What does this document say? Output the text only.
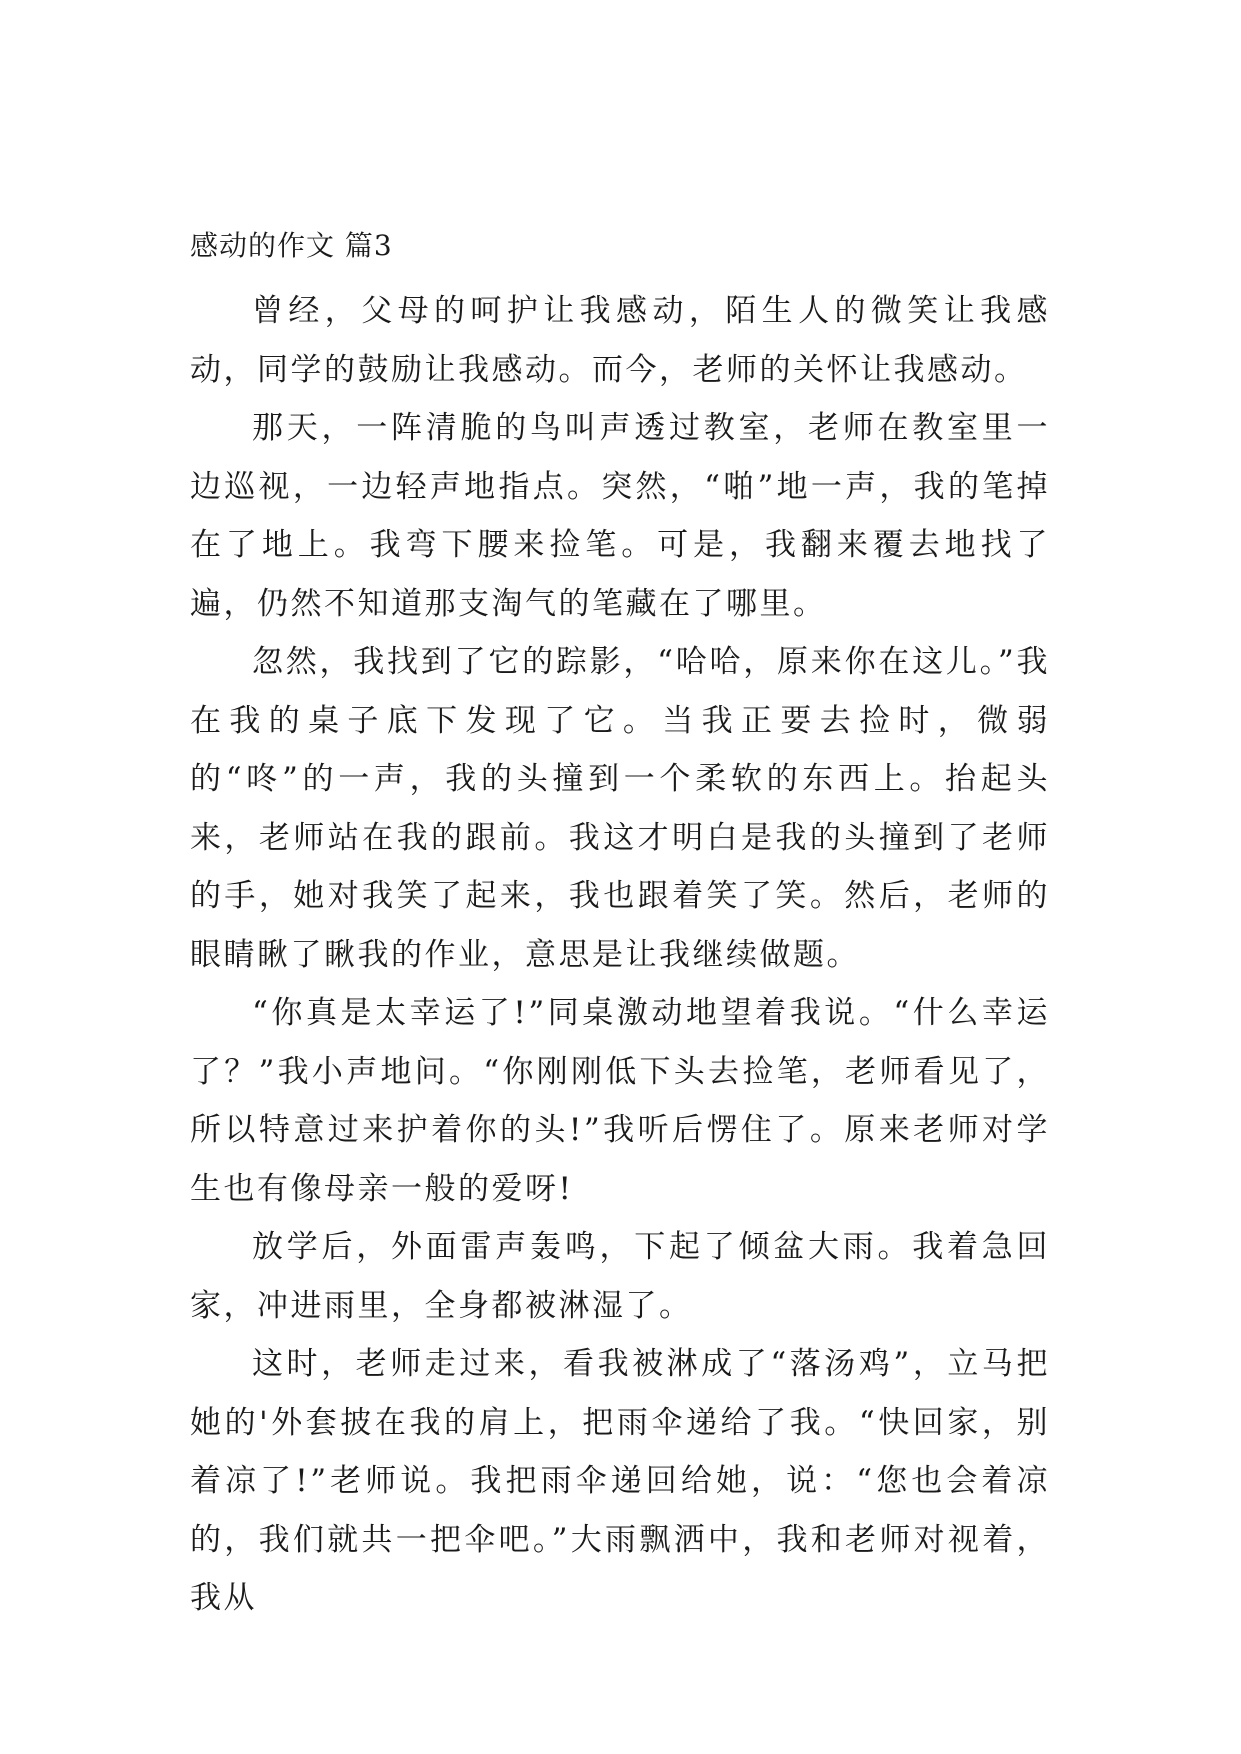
感动的作文 篇3

曾经，父母的呵护让我感动，陌生人的微笑让我感动，同学的鼓励让我感动。而今，老师的关怀让我感动。

那天，一阵清脆的鸟叫声透过教室，老师在教室里一边巡视，一边轻声地指点。突然，“啪”地一声，我的笔掉在了地上。我弯下腰来捡笔。可是，我翻来覆去地找了遍，仍然不知道那支淘气的笔藏在了哪里。

忽然，我找到了它的踪影，“哈哈，原来你在这儿。”我在我的桌子底下发现了它。当我正要去捡时，微弱的“咚”的一声，我的头撞到一个柔软的东西上。抬起头来，老师站在我的跟前。我这才明白是我的头撞到了老师的手，她对我笑了起来，我也跟着笑了笑。然后，老师的眼睛瞅了瞅我的作业，意思是让我继续做题。

“你真是太幸运了!”同桌激动地望着我说。“什么幸运了？”我小声地问。“你刚刚低下头去捡笔，老师看见了，所以特意过来护着你的头!”我听后愣住了。原来老师对学生也有像母亲一般的爱呀!

放学后，外面雷声轰鸣，下起了倾盆大雨。我着急回家，冲进雨里，全身都被淋湿了。

这时，老师走过来，看我被淋成了“落汤鸡”，立马把她的'外套披在我的肩上，把雨伞递给了我。“快回家，别着凉了!”老师说。我把雨伞递回给她，说：“您也会着凉的，我们就共一把伞吧。”大雨飘洒中，我和老师对视着，我从
